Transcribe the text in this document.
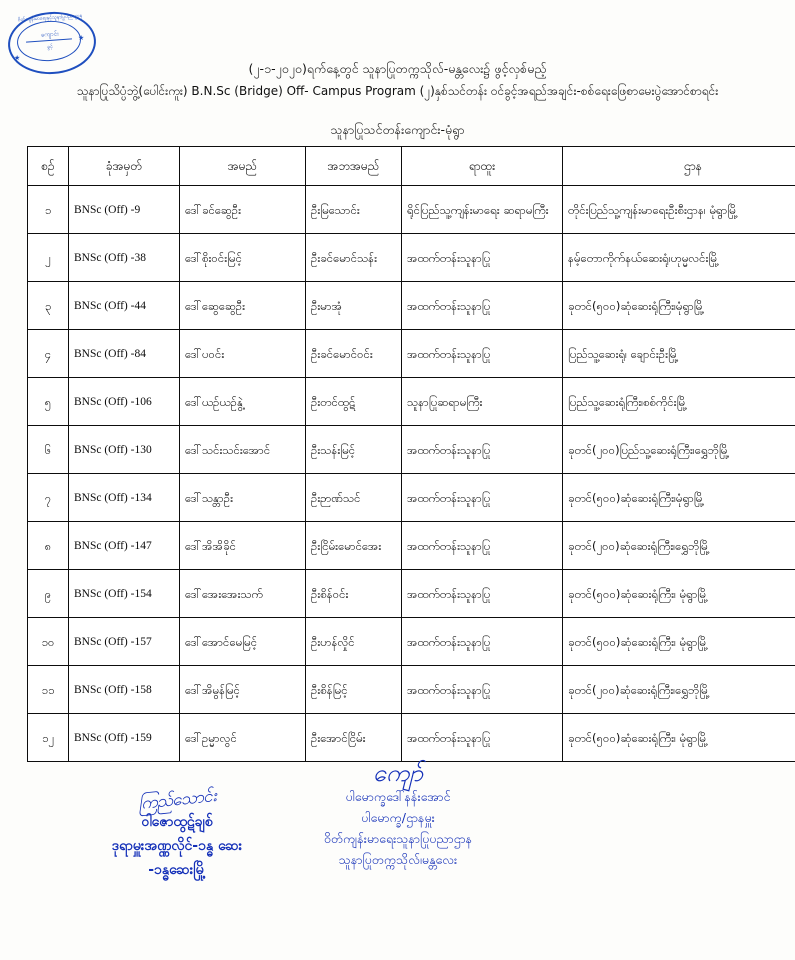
ဝိတ်ကျန်းမာရေးနှင့်သူနာပြုပညာဌာန
ကျောင်း
ခွင့်
★
★
(၂-၁-၂၀၂၀)ရက်နေ့တွင် သူနာပြုတက္ကသိုလ်-မန္တလေး၌ ဖွင့်လှစ်မည့်
သူနာပြုသိပ္ပံဘွဲ့(ပေါင်းကူး) B.N.Sc (Bridge) Off- Campus Program (၂)နှစ်သင်တန်း ဝင်ခွင့်အရည်အချင်း-စစ်ရေးဖြေစာမေးပွဲအောင်စာရင်း
သူနာပြုသင်တန်းကျောင်း-မုံရွာ
စဉ်	ခုံအမှတ်	အမည်	အဘအမည်	ရာထူး	ဌာန
၁	BNSc (Off) -9	ဒေါ်ခင်ဆွေဦး	ဦးမြသောင်း	ရိုင်ပြည်သူ့ကျန်းမာရေး ဆရာမကြီး	တိုင်းပြည်သူ့ကျန်းမာရေးဦးစီးဌာန၊ မုံရွာမြို့
၂	BNSc (Off) -38	ဒေါ်စိုးဝင်းမြင့်	ဦးခင်မောင်သန်း	အထက်တန်းသူနာပြု	နမ့်တောကိုက်နယ်ဆေးရုံ၊ဟုမ္မလင်းမြို့
၃	BNSc (Off) -44	ဒေါ်ဆွေဆွေဦး	ဦးမာအုံ	အထက်တန်းသူနာပြု	ခုတင်(၅၀၀)ဆုံဆေးရုံကြီး၊မုံရွာမြို့
၄	BNSc (Off) -84	ဒေါ်ပဝင်း	ဦးခင်မောင်ဝင်း	အထက်တန်းသူနာပြု	ပြည်သူ့ဆေးရုံ၊ ချောင်းဦးမြို့
၅	BNSc (Off) -106	ဒေါ်ယဉ်ယဉ်နွဲ့	ဦးတင်ထွဋ်	သူနာပြုဆရာမကြီး	ပြည်သူ့ဆေးရုံကြီး၊စစ်ကိုင်းမြို့
၆	BNSc (Off) -130	ဒေါ်သင်းသင်းအောင်	ဦးသန်းမြင့်	အထက်တန်းသူနာပြု	ခုတင်(၂၀၀)ပြည်သူ့ဆေးရုံကြီး၊ရွှေဘိုမြို့
၇	BNSc (Off) -134	ဒေါ်သန္တာဦး	ဦးဉာဏ်သင်	အထက်တန်းသူနာပြု	ခုတင်(၅၀၀)ဆုံဆေးရုံကြီး၊မုံရွာမြို့
၈	BNSc (Off) -147	ဒေါ်အိအိခိုင်	ဦးငြိမ်းမောင်အေး	အထက်တန်းသူနာပြု	ခုတင်(၂၀၀)ဆုံဆေးရုံကြီး၊ရွှေဘိုမြို့
၉	BNSc (Off) -154	ဒေါ်အေးအေးသက်	ဦးစိန်ဝင်း	အထက်တန်းသူနာပြု	ခုတင်(၅၀၀)ဆုံဆေးရုံကြီး၊ မုံရွာမြို့
၁၀	BNSc (Off) -157	ဒေါ်အောင်မေမြင့်	ဦးဟန်လှိုင်	အထက်တန်းသူနာပြု	ခုတင်(၅၀၀)ဆုံဆေးရုံကြီး၊ မုံရွာမြို့
၁၁	BNSc (Off) -158	ဒေါ်အိမွန်မြင့်	ဦးစိန်မြင့်	အထက်တန်းသူနာပြု	ခုတင်(၂၀၀)ဆုံဆေးရုံကြီး၊ရွှေဘိုမြို့
၁၂	BNSc (Off) -159	ဒေါ်ဥမ္မာလွင်	ဦးအောင်ငြိမ်း	အထက်တန်းသူနာပြု	ခုတင်(၅၀၀)ဆုံဆေးရုံကြီး၊ မုံရွာမြို့
ကြည်သောင်း
ဝါဇောထွဋ်ချစ်
ဒုရာမှူးအဏ္ဏလိုင်-၁န္ဓ ဆေး
-၁န္ဓဆေးမြို့
ကျော်
ပါမောက္ခဒေါ်နန်းအောင်
ပါမောက္ခ/ဌာနမှူး
ဝိတ်ကျန်းမာရေးသူနာပြုပညာဌာန
သူနာပြုတက္ကသိုလ်၊မန္တလေး
